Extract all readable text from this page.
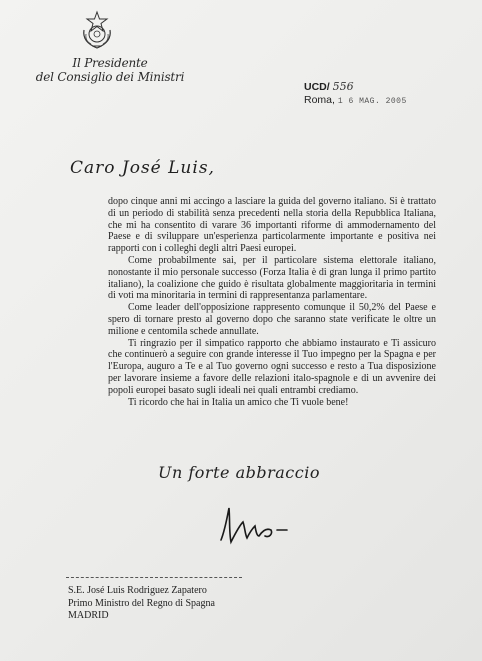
Il Presidente
del Consiglio dei Ministri
UCD/ 556
Roma, 1 6 MAG. 2005
Caro José Luis,

dopo cinque anni mi accingo a lasciare la guida del governo italiano. Si è trattato di un periodo di stabilità senza precedenti nella storia della Repubblica Italiana, che mi ha consentito di varare 36 importanti riforme di ammodernamento del Paese e di sviluppare un'esperienza particolarmente importante e positiva nei rapporti con i colleghi degli altri Paesi europei.

Come probabilmente sai, per il particolare sistema elettorale italiano, nonostante il mio personale successo (Forza Italia è di gran lunga il primo partito italiano), la coalizione che guido è risultata globalmente maggioritaria in termini di voti ma minoritaria in termini di rappresentanza parlamentare.

Come leader dell'opposizione rappresento comunque il 50,2% del Paese e spero di tornare presto al governo dopo che saranno state verificate le oltre un milione e centomila schede annullate.

Ti ringrazio per il simpatico rapporto che abbiamo instaurato e Ti assicuro che continuerò a seguire con grande interesse il Tuo impegno per la Spagna e per l'Europa, auguro a Te e al Tuo governo ogni successo e resto a Tua disposizione per lavorare insieme a favore delle relazioni italo-spagnole e di un avvenire dei popoli europei basato sugli ideali nei quali entrambi crediamo.

Ti ricordo che hai in Italia un amico che Ti vuole bene!

Un forte abbraccio
S.E. José Luis Rodriguez Zapatero
Primo Ministro del Regno di Spagna
MADRID
